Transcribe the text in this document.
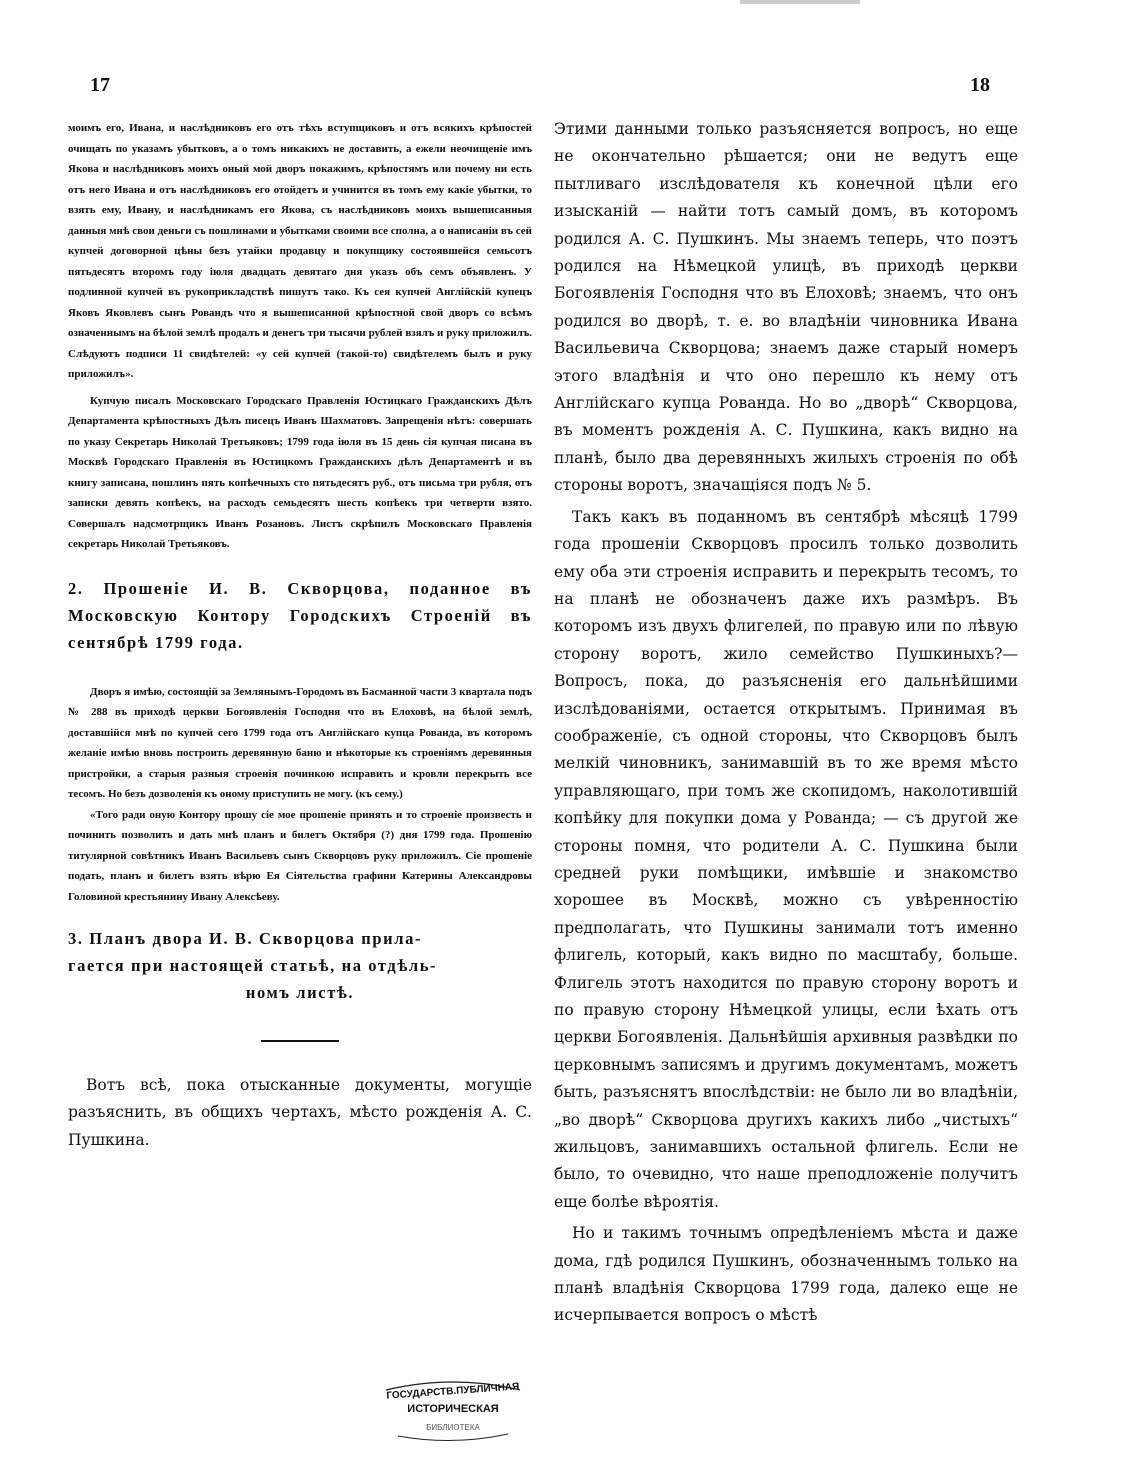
17	18

моимъ его, Ивана, и наслѣдниковъ его отъ тѣхъ вступщиковъ и отъ всякихъ крѣпостей очищать по указамъ убытковъ, а о томъ никакихъ не доставить, а ежели неочищеніе имъ Якова и наслѣдниковъ моихъ оный мой дворъ покажимъ, крѣпостямъ или почему ни есть отъ него Ивана и отъ наслѣдниковъ его отойдетъ и учинится въ томъ ему какіе убытки, то взять ему, Ивану, и наслѣдникамъ его Якова, съ наслѣдниковъ моихъ вышеписанныя данныя мнѣ свои деньги съ пошлинами и убытками своими все сполна, а о написаніи въ сей купчей договорной цѣны безъ утайки продавцу и покупщику состоявшейся семьсотъ пятьдесятъ второмъ году іюля двадцать девятаго дня указъ объ семъ объявленъ. У подлинной купчей въ рукоприкладствѣ пишутъ тако. Къ сея купчей Англійскій купецъ Яковъ Яковлевъ сынъ Ровандъ что я вышеписанной крѣпостной свой дворъ со всѣмъ означеннымъ на бѣлой землѣ продалъ и денегъ три тысячи рублей взялъ и руку приложилъ. Слѣдуютъ подписи 11 свидѣтелей: «у сей купчей (такой-то) свидѣтелемъ былъ и руку приложилъ».

Купчую писалъ Московскаго Городскаго Правленія Юстицкаго Гражданскихъ Дѣлъ Департамента крѣпостныхъ Дѣлъ писецъ Иванъ Шахматовъ. Запрещенія нѣтъ: совершать по указу Секретарь Николай Третьяковъ; 1799 года іюля въ 15 день сія купчая писана въ Москвѣ Городскаго Правленія въ Юстицкомъ Гражданскихъ дѣлъ Департаментѣ и въ книгу записана, пошлинъ пять копѣечныхъ сто пятьдесятъ руб., отъ письма три рубля, отъ записки девять копѣекъ, на расходъ семьдесятъ шесть копѣекъ три четверти взято. Совершалъ надсмотрщикъ Иванъ Розановъ. Листъ скрѣпилъ Московскаго Правленія секретарь Николай Третьяковъ.

2. Прошеніе И. В. Скворцова, поданное въ Московскую Контору Городскихъ Строеній въ сентябрѣ 1799 года.

Дворъ я имѣю, состоящій за Землянымъ-Городомъ въ Басманной части 3 квартала подъ № 288 въ приходѣ церкви Богоявленія Господня что въ Елоховѣ, на бѣлой землѣ, доставшійся мнѣ по купчей сего 1799 года отъ Англійскаго купца Рованда, въ которомъ желаніе имѣю вновь построить деревянную баню и нѣкоторые къ строеніямъ деревянныя пристройки, а старыя разныя строенія починкою исправить и кровли перекрыть все тесомъ. Но безъ дозволенія къ оному приступить не могу. (къ сему.)

«Того ради оную Контору прошу сіе мое прошеніе принять и то строеніе произвесть и починить позволить и дать мнѣ планъ и билетъ Октября (?) дня 1799 года. Прошенію титулярной совѣтникъ Иванъ Васильевъ сынъ Скворцовъ руку приложилъ. Сіе прошеніе подать, планъ и билетъ взять вѣрю Ея Сіятельства графини Катерины Александровы Головиной крестьянину Ивану Алексѣеву.

3. Планъ двора И. В. Скворцова прила-

гается при настоящей статьѣ, на отдѣль-

номъ листѣ.

Вотъ всѣ, пока отысканные документы, могущіе разъяснить, въ общихъ чертахъ, мѣсто рожденія А. С. Пушкина.

Этими данными только разъясняется вопросъ, но еще не окончательно рѣшается; они не ведутъ еще пытливаго изслѣдователя къ конечной цѣли его изысканій — найти тотъ самый домъ, въ которомъ родился А. С. Пушкинъ. Мы знаемъ теперь, что поэтъ родился на Нѣмецкой улицѣ, въ приходѣ церкви Богоявленія Господня что въ Елоховѣ; знаемъ, что онъ родился во дворѣ, т. е. во владѣніи чиновника Ивана Васильевича Скворцова; знаемъ даже старый номеръ этого владѣнія и что оно перешло къ нему отъ Англійскаго купца Рованда. Но во „дворѣ“ Скворцова, въ моментъ рожденія А. С. Пушкина, какъ видно на планѣ, было два деревянныхъ жилыхъ строенія по обѣ стороны воротъ, значащіяся подъ № 5.

Такъ какъ въ поданномъ въ сентябрѣ мѣсяцѣ 1799 года прошеніи Скворцовъ просилъ только дозволить ему оба эти строенія исправить и перекрыть тесомъ, то на планѣ не обозначенъ даже ихъ размѣръ. Въ которомъ изъ двухъ флигелей, по правую или по лѣвую сторону воротъ, жило семейство Пушкиныхъ?—Вопросъ, пока, до разъясненія его дальнѣйшими изслѣдованіями, остается открытымъ. Принимая въ соображеніе, съ одной стороны, что Скворцовъ былъ мелкій чиновникъ, занимавшій въ то же время мѣсто управляющаго, при томъ же скопидомъ, наколотившій копѣйку для покупки дома у Рованда; — съ другой же стороны помня, что родители А. С. Пушкина были средней руки помѣщики, имѣвшіе и знакомство хорошее въ Москвѣ, можно съ увѣренностію предполагать, что Пушкины занимали тотъ именно флигель, который, какъ видно по масштабу, больше. Флигель этотъ находится по правую сторону воротъ и по правую сторону Нѣмецкой улицы, если ѣхать отъ церкви Богоявленія. Дальнѣйшія архивныя развѣдки по церковнымъ записямъ и другимъ документамъ, можетъ быть, разъяснятъ впослѣдствіи: не было ли во владѣніи, „во дворѣ“ Скворцова другихъ какихъ либо „чистыхъ“ жильцовъ, занимавшихъ остальной флигель. Если не было, то очевидно, что наше преподложеніе получитъ еще болѣе вѣроятія.

Но и такимъ точнымъ опредѣленіемъ мѣста и даже дома, гдѣ родился Пушкинъ, обозначеннымъ только на планѣ владѣнія Скворцова 1799 года, далеко еще не исчерпывается вопросъ о мѣстѣ

ГОСУДАРСТВ.ПУБЛИЧНАЯ
ИСТОРИЧЕСКАЯ
БИБЛИОТЕКА
